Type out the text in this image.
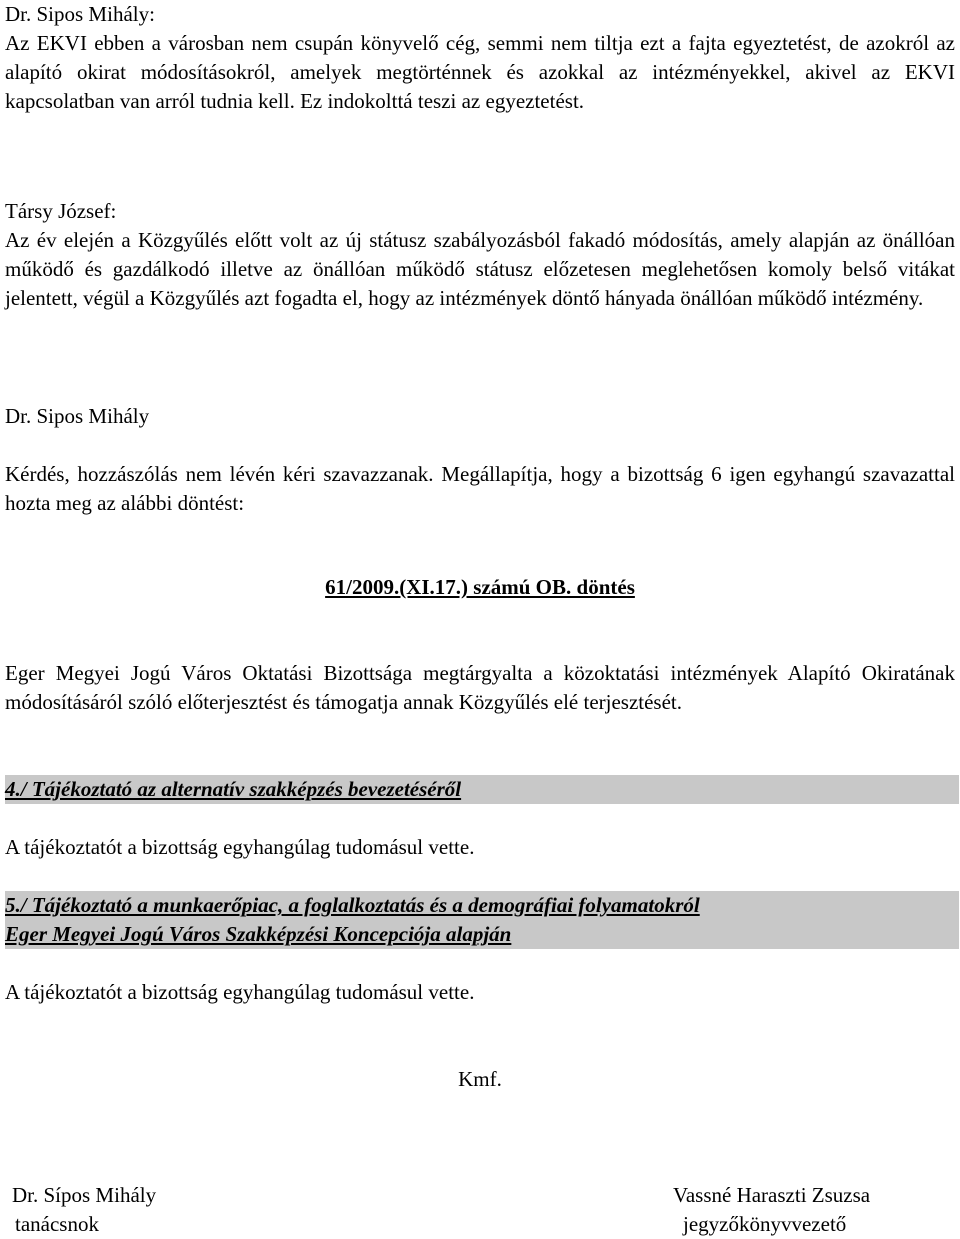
Dr. Sipos Mihály:
Az EKVI ebben a városban nem csupán könyvelő cég, semmi nem tiltja ezt a fajta egyeztetést, de azokról az alapító okirat módosításokról, amelyek megtörténnek és azokkal az intézményekkel, akivel az EKVI kapcsolatban van arról tudnia kell. Ez indokolttá teszi az egyeztetést.
Társy József:
Az év elején a Közgyűlés előtt volt az új státusz szabályozásból fakadó módosítás, amely alapján az önállóan működő és gazdálkodó illetve az önállóan működő státusz előzetesen meglehetősen komoly belső vitákat jelentett, végül a Közgyűlés azt fogadta el, hogy az intézmények döntő hányada önállóan működő intézmény.
Dr. Sipos Mihály
Kérdés, hozzászólás nem lévén kéri szavazzanak. Megállapítja, hogy a bizottság 6 igen egyhangú szavazattal hozta meg az alábbi döntést:
61/2009.(XI.17.) számú OB. döntés
Eger Megyei Jogú Város Oktatási Bizottsága megtárgyalta a közoktatási intézmények Alapító Okiratának módosításáról szóló előterjesztést és támogatja annak Közgyűlés elé terjesztését.
4./ Tájékoztató az alternatív szakképzés bevezetéséről
A tájékoztatót a bizottság egyhangúlag tudomásul vette.
5./ Tájékoztató a munkaerőpiac, a foglalkoztatás és a demográfiai folyamatokról
Eger Megyei Jogú Város Szakképzési Koncepciója alapján
A tájékoztatót a bizottság egyhangúlag tudomásul vette.
Kmf.
Dr. Sípos Mihály
tanácsnok
Vassné Haraszti Zsuzsa
jegyzőkönyvvezető
